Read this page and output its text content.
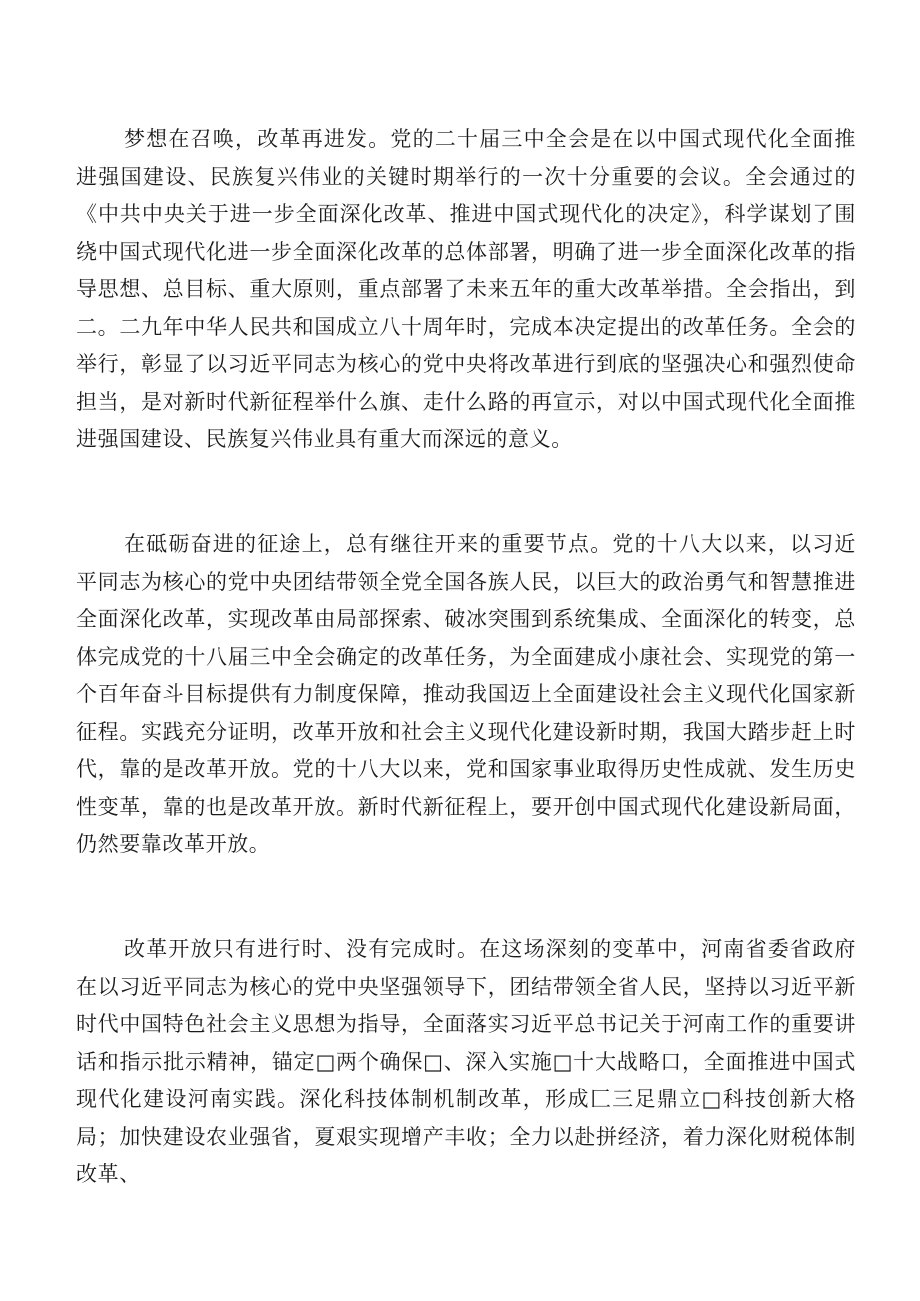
梦想在召唤，改革再进发。党的二十届三中全会是在以中国式现代化全面推进强国建设、民族复兴伟业的关键时期举行的一次十分重要的会议。全会通过的《中共中央关于进一步全面深化改革、推进中国式现代化的决定》，科学谋划了围绕中国式现代化进一步全面深化改革的总体部署，明确了进一步全面深化改革的指导思想、总目标、重大原则，重点部署了未来五年的重大改革举措。全会指出，到二。二九年中华人民共和国成立八十周年时，完成本决定提出的改革任务。全会的举行，彰显了以习近平同志为核心的党中央将改革进行到底的坚强决心和强烈使命担当，是对新时代新征程举什么旗、走什么路的再宣示，对以中国式现代化全面推进强国建设、民族复兴伟业具有重大而深远的意义。

在砥砺奋进的征途上，总有继往开来的重要节点。党的十八大以来，以习近平同志为核心的党中央团结带领全党全国各族人民，以巨大的政治勇气和智慧推进全面深化改革，实现改革由局部探索、破冰突围到系统集成、全面深化的转变，总体完成党的十八届三中全会确定的改革任务，为全面建成小康社会、实现党的第一个百年奋斗目标提供有力制度保障，推动我国迈上全面建设社会主义现代化国家新征程。实践充分证明，改革开放和社会主义现代化建设新时期，我国大踏步赶上时代，靠的是改革开放。党的十八大以来，党和国家事业取得历史性成就、发生历史性变革，靠的也是改革开放。新时代新征程上，要开创中国式现代化建设新局面，仍然要靠改革开放。

改革开放只有进行时、没有完成时。在这场深刻的变革中，河南省委省政府在以习近平同志为核心的党中央坚强领导下，团结带领全省人民，坚持以习近平新时代中国特色社会主义思想为指导，全面落实习近平总书记关于河南工作的重要讲话和指示批示精神，锚定□两个确保□、深入实施□十大战略口，全面推进中国式现代化建设河南实践。深化科技体制机制改革，形成匚三足鼎立□科技创新大格局；加快建设农业强省，夏艰实现增产丰收；全力以赴拼经济，着力深化财税体制改革、
